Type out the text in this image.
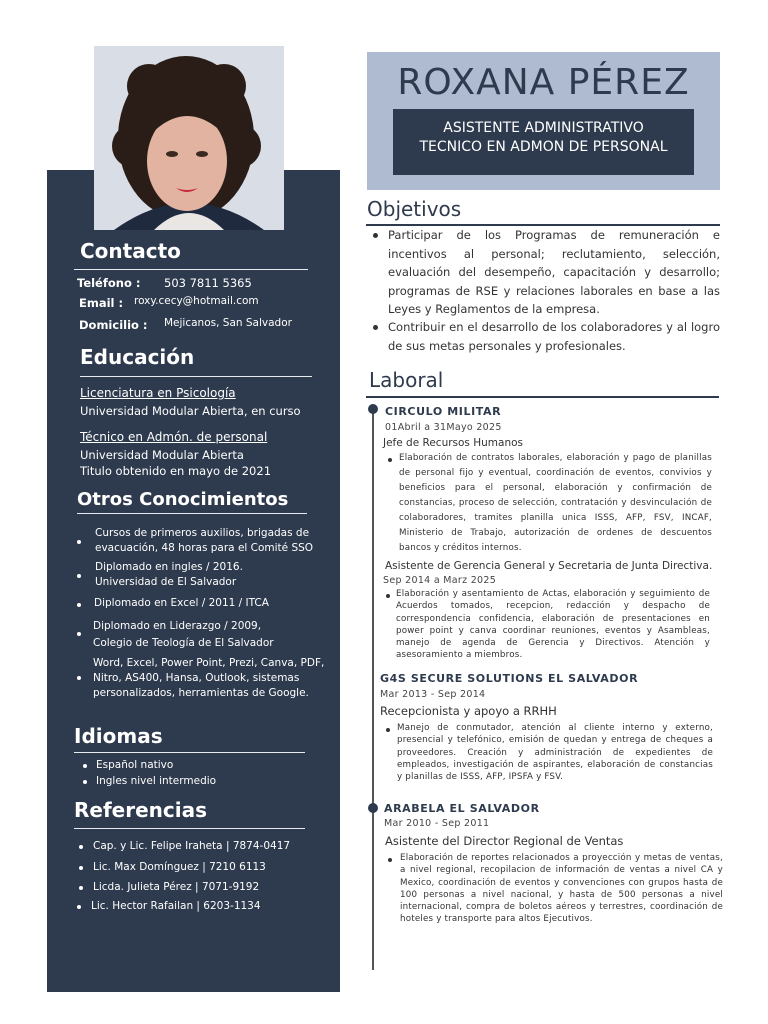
Contacto
Teléfono : 503 7811 5365
Email : roxy.cecy@hotmail.com
Domicilio : Mejicanos, San Salvador
Educación
Licenciatura en Psicología
Universidad Modular Abierta, en curso
Técnico en Admón. de personal
Universidad Modular Abierta
Titulo obtenido en mayo de 2021
Otros Conocimientos
Cursos de primeros auxilios, brigadas de
evacuación, 48 horas para el Comité SSO
Diplomado en ingles / 2016.
Universidad de El Salvador
Diplomado en Excel / 2011 / ITCA
Diplomado en Liderazgo / 2009,
Colegio de Teología de El Salvador
Word, Excel, Power Point, Prezi, Canva, PDF,
Nitro, AS400, Hansa, Outlook, sistemas
personalizados, herramientas de Google.
Idiomas
Español nativo
Ingles nivel intermedio
Referencias
Cap. y Lic. Felipe Iraheta | 7874-0417
Lic. Max Domínguez | 7210 6113
Licda. Julieta Pérez | 7071-9192
Lic. Hector Rafailan | 6203-1134
ROXANA PÉREZ
ASISTENTE ADMINISTRATIVO
TECNICO EN ADMON DE PERSONAL
Objetivos
Participar de los Programas de remuneración e incentivos al personal; reclutamiento, selección, evaluación del desempeño, capacitación y desarrollo; programas de RSE y relaciones laborales en base a las Leyes y Reglamentos de la empresa.
Contribuir en el desarrollo de los colaboradores y al logro de sus metas personales y profesionales.
Laboral
CIRCULO MILITAR
01Abril a 31Mayo 2025
Jefe de Recursos Humanos
Elaboración de contratos laborales, elaboración y pago de planillas de personal fijo y eventual, coordinación de eventos, convivios y beneficios para el personal, elaboración y confirmación de constancias, proceso de selección, contratación y desvinculación de colaboradores, tramites planilla unica ISSS, AFP, FSV, INCAF, Ministerio de Trabajo, autorización de ordenes de descuentos bancos y créditos internos.
Asistente de Gerencia General y Secretaria de Junta Directiva.
Sep 2014 a Marz 2025
Elaboración y asentamiento de Actas, elaboración y seguimiento de Acuerdos tomados, recepcion, redacción y despacho de correspondencia confidencia, elaboración de presentaciones en power point y canva coordinar reuniones, eventos y Asambleas, manejo de agenda de Gerencia y Directivos. Atención y asesoramiento a miembros.
G4S SECURE SOLUTIONS EL SALVADOR
Mar 2013 - Sep 2014
Recepcionista y apoyo a RRHH
Manejo de conmutador, atención al cliente interno y externo, presencial y telefónico, emisión de quedan y entrega de cheques a proveedores. Creación y administración de expedientes de empleados, investigación de aspirantes, elaboración de constancias y planillas de ISSS, AFP, IPSFA y FSV.
ARABELA EL SALVADOR
Mar 2010 - Sep 2011
Asistente del Director Regional de Ventas
Elaboración de reportes relacionados a proyección y metas de ventas, a nivel regional, recopilacion de información de ventas a nivel CA y Mexico, coordinación de eventos y convenciones con grupos hasta de 100 personas a nivel nacional, y hasta de 500 personas a nivel internacional, compra de boletos aéreos y terrestres, coordinación de hoteles y transporte para altos Ejecutivos.
